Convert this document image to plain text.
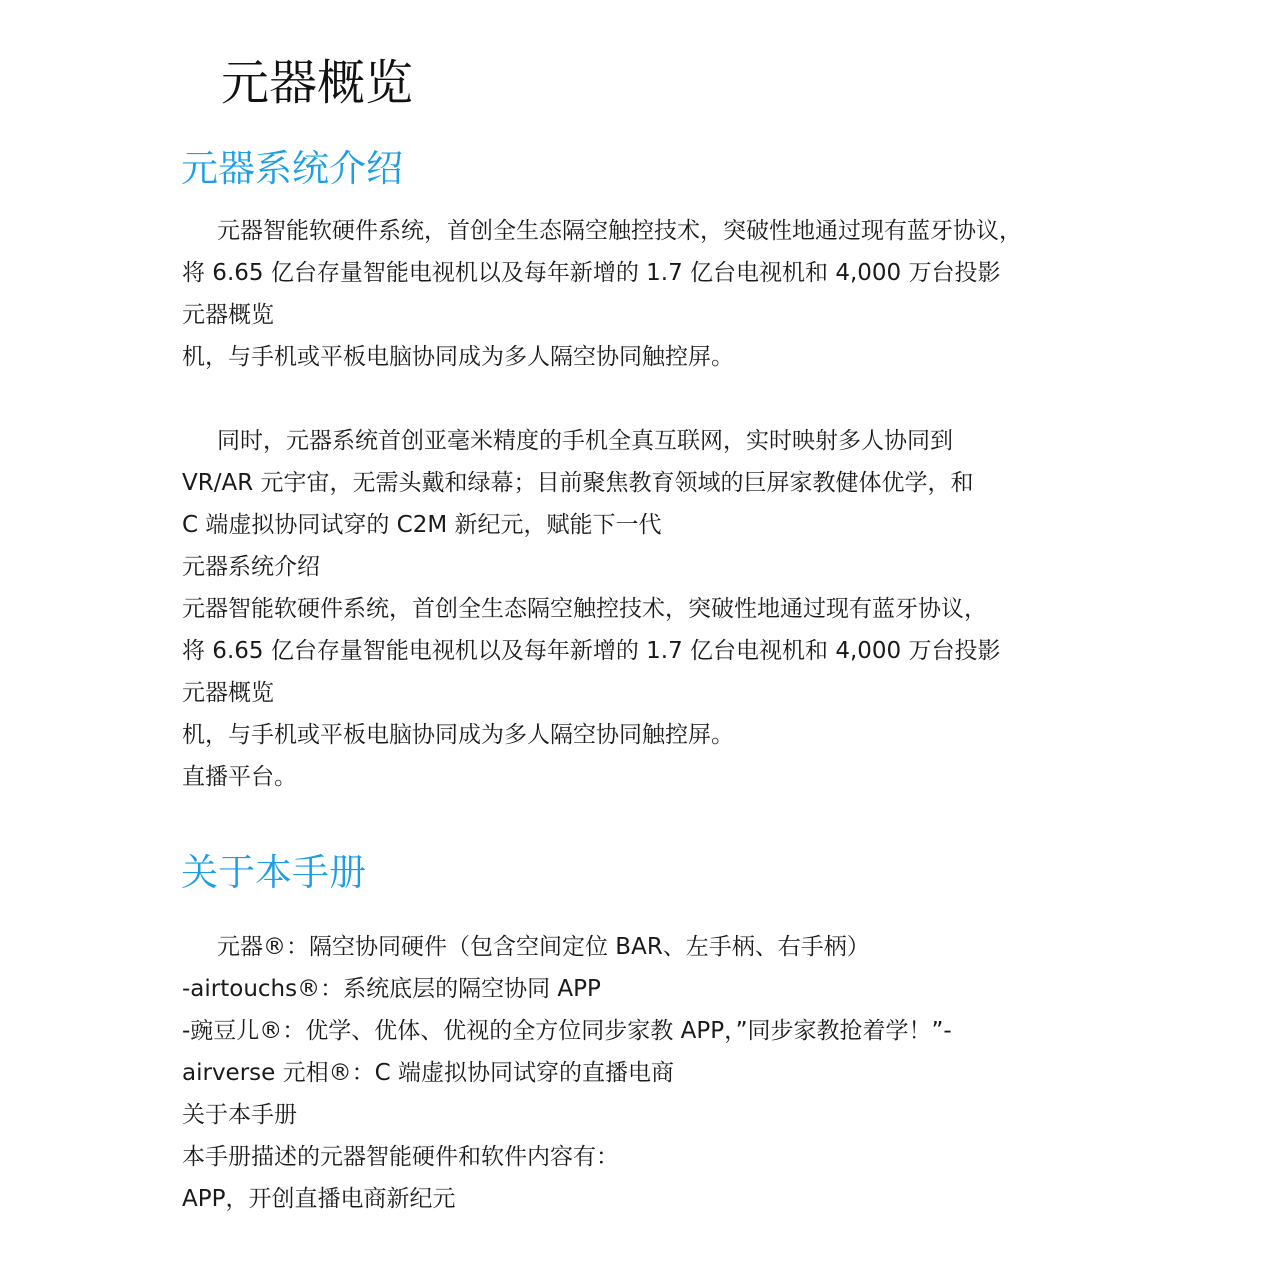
元器概览
元器系统介绍
元器智能软硬件系统，首创全生态隔空触控技术，突破性地通过现有蓝牙协议，
将 6.65 亿台存量智能电视机以及每年新增的 1.7 亿台电视机和 4,000 万台投影
元器概览
机，与手机或平板电脑协同成为多人隔空协同触控屏。
同时，元器系统首创亚毫米精度的手机全真互联网，实时映射多人协同到
VR/AR 元宇宙，无需头戴和绿幕；目前聚焦教育领域的巨屏家教健体优学，和
C 端虚拟协同试穿的 C2M 新纪元，赋能下一代
元器系统介绍
元器智能软硬件系统，首创全生态隔空触控技术，突破性地通过现有蓝牙协议，
将 6.65 亿台存量智能电视机以及每年新增的 1.7 亿台电视机和 4,000 万台投影
元器概览
机，与手机或平板电脑协同成为多人隔空协同触控屏。
直播平台。
关于本手册
元器®：隔空协同硬件（包含空间定位 BAR、左手柄、右手柄）
-airtouchs®：系统底层的隔空协同 APP
-豌豆儿®：优学、优体、优视的全方位同步家教 APP，”同步家教抢着学！”-
airverse 元相®：C 端虚拟协同试穿的直播电商
关于本手册
本手册描述的元器智能硬件和软件内容有：
APP，开创直播电商新纪元
